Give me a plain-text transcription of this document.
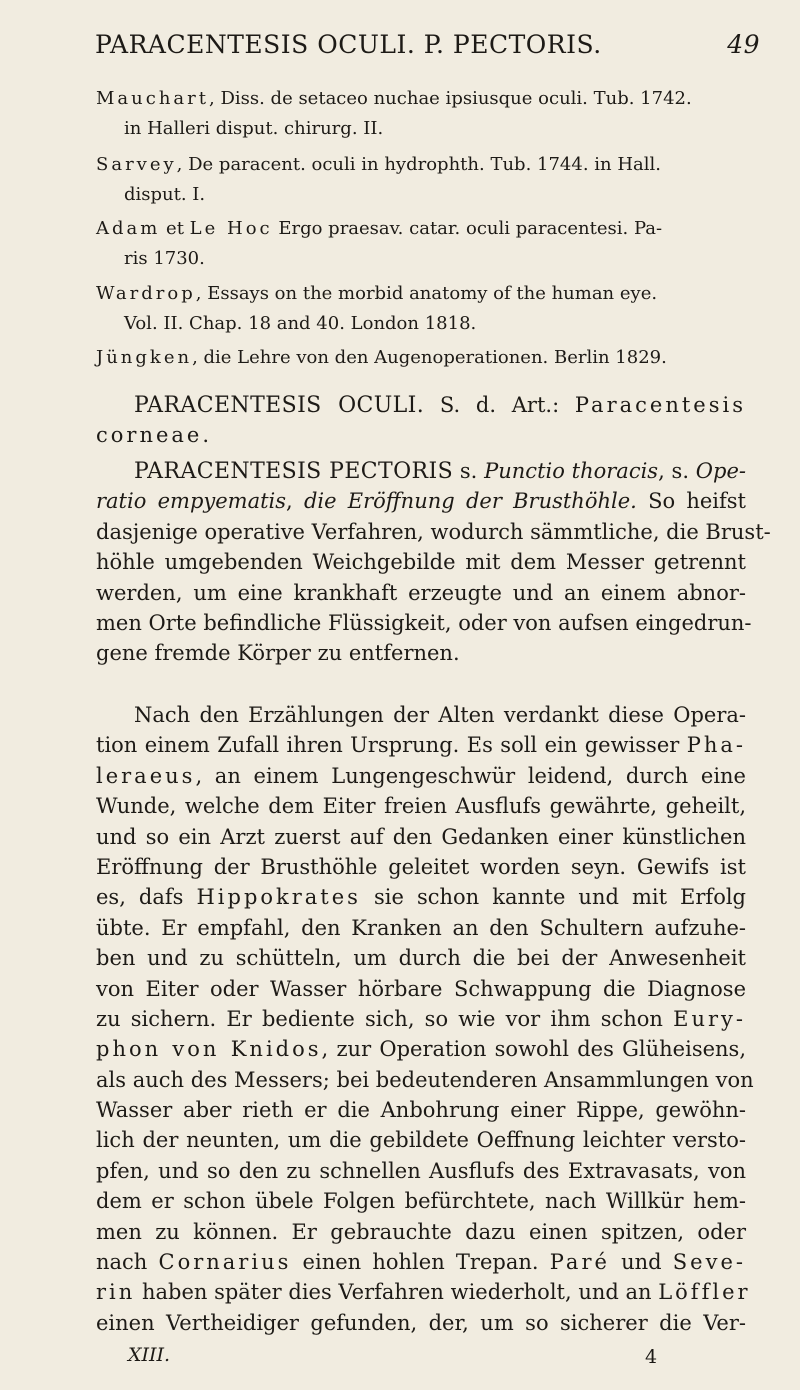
PARACENTESIS OCULI. P. PECTORIS.	49
Mauchart, Diss. de setaceo nuchae ipsiusque oculi. Tub. 1742.
in Halleri disput. chirurg. II.
Sarvey, De paracent. oculi in hydrophth. Tub. 1744. in Hall.
disput. I.
Adam et Le Hoc Ergo praesav. catar. oculi paracentesi. Pa-
ris 1730.
Wardrop, Essays on the morbid anatomy of the human eye.
Vol. II. Chap. 18 and 40. London 1818.
Jüngken, die Lehre von den Augenoperationen. Berlin 1829.
PARACENTESIS OCULI. S. d. Art.: Paracentesis
corneae.
PARACENTESIS PECTORIS s. Punctio thoracis, s. Ope-
ratio empyematis, die Eröffnung der Brusthöhle. So heifst
dasjenige operative Verfahren, wodurch sämmtliche, die Brust-
höhle umgebenden Weichgebilde mit dem Messer getrennt
werden, um eine krankhaft erzeugte und an einem abnor-
men Orte befindliche Flüssigkeit, oder von aufsen eingedrun-
gene fremde Körper zu entfernen.
Nach den Erzählungen der Alten verdankt diese Opera-
tion einem Zufall ihren Ursprung. Es soll ein gewisser Pha-
leraeus, an einem Lungengeschwür leidend, durch eine
Wunde, welche dem Eiter freien Ausflufs gewährte, geheilt,
und so ein Arzt zuerst auf den Gedanken einer künstlichen
Eröffnung der Brusthöhle geleitet worden seyn. Gewifs ist
es, dafs Hippokrates sie schon kannte und mit Erfolg
übte. Er empfahl, den Kranken an den Schultern aufzuhe-
ben und zu schütteln, um durch die bei der Anwesenheit
von Eiter oder Wasser hörbare Schwappung die Diagnose
zu sichern. Er bediente sich, so wie vor ihm schon Eury-
phon von Knidos, zur Operation sowohl des Glüheisens,
als auch des Messers; bei bedeutenderen Ansammlungen von
Wasser aber rieth er die Anbohrung einer Rippe, gewöhn-
lich der neunten, um die gebildete Oeffnung leichter versto-
pfen, und so den zu schnellen Ausflufs des Extravasats, von
dem er schon übele Folgen befürchtete, nach Willkür hem-
men zu können. Er gebrauchte dazu einen spitzen, oder
nach Cornarius einen hohlen Trepan. Paré und Seve-
rin haben später dies Verfahren wiederholt, und an Löffler
einen Vertheidiger gefunden, der, um so sicherer die Ver-
XIII.	4
